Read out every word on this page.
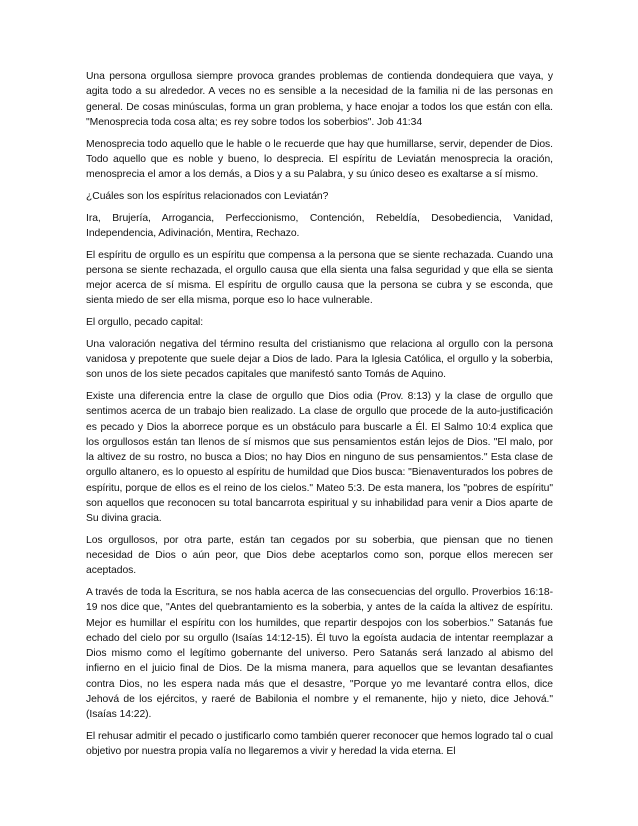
Una persona orgullosa siempre provoca grandes problemas de contienda dondequiera que vaya, y agita todo a su alrededor. A veces no es sensible a la necesidad de la familia ni de las personas en general. De cosas minúsculas, forma un gran problema, y hace enojar a todos los que están con ella. "Menosprecia toda cosa alta; es rey sobre todos los soberbios". Job 41:34

Menosprecia todo aquello que le hable o le recuerde que hay que humillarse, servir, depender de Dios. Todo aquello que es noble y bueno, lo desprecia. El espíritu de Leviatán menosprecia la oración, menosprecia el amor a los demás, a Dios y a su Palabra, y su único deseo es exaltarse a sí mismo.

¿Cuáles son los espíritus relacionados con Leviatán?

Ira, Brujería, Arrogancia, Perfeccionismo, Contención, Rebeldía, Desobediencia, Vanidad, Independencia, Adivinación, Mentira, Rechazo.

El espíritu de orgullo es un espíritu que compensa a la persona que se siente rechazada. Cuando una persona se siente rechazada, el orgullo causa que ella sienta una falsa seguridad y que ella se sienta mejor acerca de sí misma. El espíritu de orgullo causa que la persona se cubra y se esconda, que sienta miedo de ser ella misma, porque eso lo hace vulnerable.

El orgullo, pecado capital:

Una valoración negativa del término resulta del cristianismo que relaciona al orgullo con la persona vanidosa y prepotente que suele dejar a Dios de lado. Para la Iglesia Católica, el orgullo y la soberbia, son unos de los siete pecados capitales que manifestó santo Tomás de Aquino.

Existe una diferencia entre la clase de orgullo que Dios odia (Prov. 8:13) y la clase de orgullo que sentimos acerca de un trabajo bien realizado. La clase de orgullo que procede de la auto-justificación es pecado y Dios la aborrece porque es un obstáculo para buscarle a Él. El Salmo 10:4 explica que los orgullosos están tan llenos de sí mismos que sus pensamientos están lejos de Dios. "El malo, por la altivez de su rostro, no busca a Dios; no hay Dios en ninguno de sus pensamientos." Esta clase de orgullo altanero, es lo opuesto al espíritu de humildad que Dios busca: "Bienaventurados los pobres de espíritu, porque de ellos es el reino de los cielos." Mateo 5:3. De esta manera, los "pobres de espíritu" son aquellos que reconocen su total bancarrota espiritual y su inhabilidad para venir a Dios aparte de Su divina gracia.

Los orgullosos, por otra parte, están tan cegados por su soberbia, que piensan que no tienen necesidad de Dios o aún peor, que Dios debe aceptarlos como son, porque ellos merecen ser aceptados.

A través de toda la Escritura, se nos habla acerca de las consecuencias del orgullo. Proverbios 16:18-19 nos dice que, "Antes del quebrantamiento es la soberbia, y antes de la caída la altivez de espíritu. Mejor es humillar el espíritu con los humildes, que repartir despojos con los soberbios." Satanás fue echado del cielo por su orgullo (Isaías 14:12-15). Él tuvo la egoísta audacia de intentar reemplazar a Dios mismo como el legítimo gobernante del universo. Pero Satanás será lanzado al abismo del infierno en el juicio final de Dios. De la misma manera, para aquellos que se levantan desafiantes contra Dios, no les espera nada más que el desastre, "Porque yo me levantaré contra ellos, dice Jehová de los ejércitos, y raeré de Babilonia el nombre y el remanente, hijo y nieto, dice Jehová." (Isaías 14:22).

El rehusar admitir el pecado o justificarlo como también querer reconocer que hemos logrado tal o cual objetivo por nuestra propia valía no llegaremos a vivir y heredad la vida eterna. El
